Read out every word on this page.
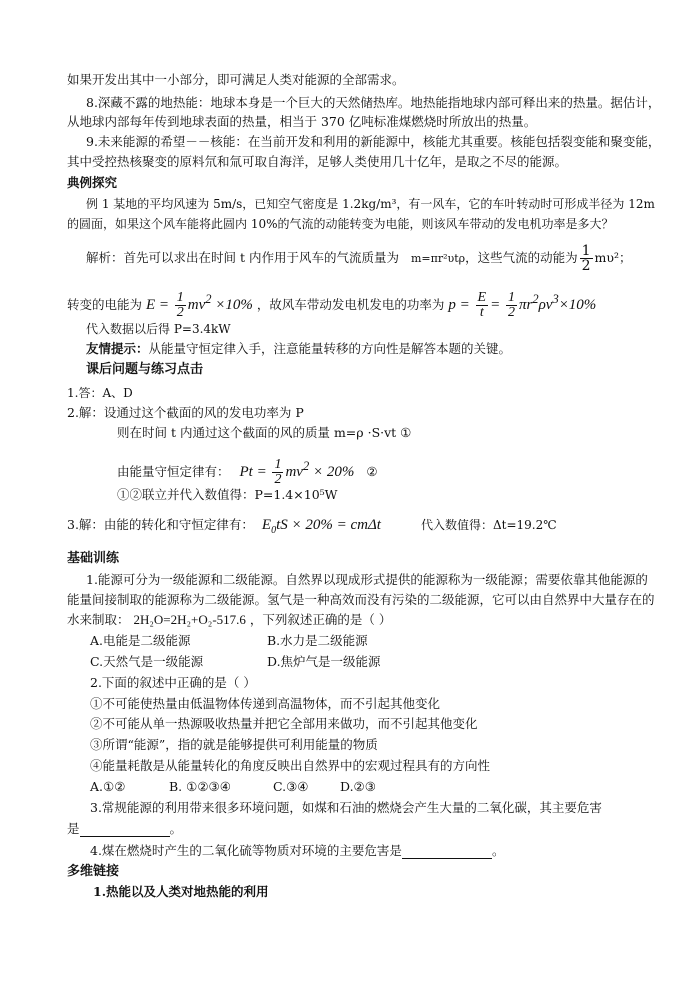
如果开发出其中一小部分，即可满足人类对能源的全部需求。
8.深藏不露的地热能：地球本身是一个巨大的天然储热库。地热能指地球内部可释出来的热量。据估计，
从地球内部每年传到地球表面的热量，相当于 370 亿吨标准煤燃烧时所放出的热量。
9.未来能源的希望－－核能：在当前开发和利用的新能源中，核能尤其重要。核能包括裂变能和聚变能，
其中受控热核聚变的原料氘和氚可取自海洋，足够人类使用几十亿年，是取之不尽的能源。
典例探究
例 1 某地的平均风速为 5m/s，已知空气密度是 1.2kg/m³，有一风车，它的车叶转动时可形成半径为 12m
的圆面，如果这个风车能将此圆内 10%的气流的动能转变为电能，则该风车带动的发电机功率是多大？
解析：首先可以求出在时间 t 内作用于风车的气流质量为 m=πr²υtρ，这些气流的动能为 $\frac{1}{2} m\upsilon^2$；
转变的电能为 $E = \frac{1}{2} mv^2 \times 10\%$ ，故风车带动发电机发电的功率为 $p = \frac{E}{t} = \frac{1}{2} \pi r^2\rho v^3\times 10\%$
代入数据以后得 P=3.4kW
友情提示：从能量守恒定律入手，注意能量转移的方向性是解答本题的关键。
课后问题与练习点击
1.答：A、D
2.解：设通过这个截面的风的发电功率为 P
则在时间 t 内通过这个截面的风的质量 m=ρ ·S·vt ①
由能量守恒定律有： $Pt = \frac{1}{2} mv^2 \times 20\%$ ②
①②联立并代入数值得：P=1.4×10⁵W
3.解：由能的转化和守恒定律有： $E_0tS \times 20\% = cm\Delta t$	代入数值得：Δt=19.2℃
基础训练
1.能源可分为一级能源和二级能源。自然界以现成形式提供的能源称为一级能源；需要依靠其他能源的
能量间接制取的能源称为二级能源。氢气是一种高效而没有污染的二级能源，它可以由自然界中大量存在的
水来制取： 2H₂O=2H₂+O₂-517.6 ，下列叙述正确的是（ ）
A.电能是二级能源	B.水力是二级能源
C.天然气是一级能源	D.焦炉气是一级能源
2.下面的叙述中正确的是（ ）
①不可能使热量由低温物体传递到高温物体，而不引起其他变化
②不可能从单一热源吸收热量并把它全部用来做功，而不引起其他变化
③所谓“能源”，指的就是能够提供可利用能量的物质
④能量耗散是从能量转化的角度反映出自然界中的宏观过程具有的方向性
A.①②	B. ①②③④	C.③④	D.②③
3.常规能源的利用带来很多环境问题，如煤和石油的燃烧会产生大量的二氧化碳，其主要危害
是	。
4.煤在燃烧时产生的二氧化硫等物质对环境的主要危害是	。
多维链接
1.热能以及人类对地热能的利用
